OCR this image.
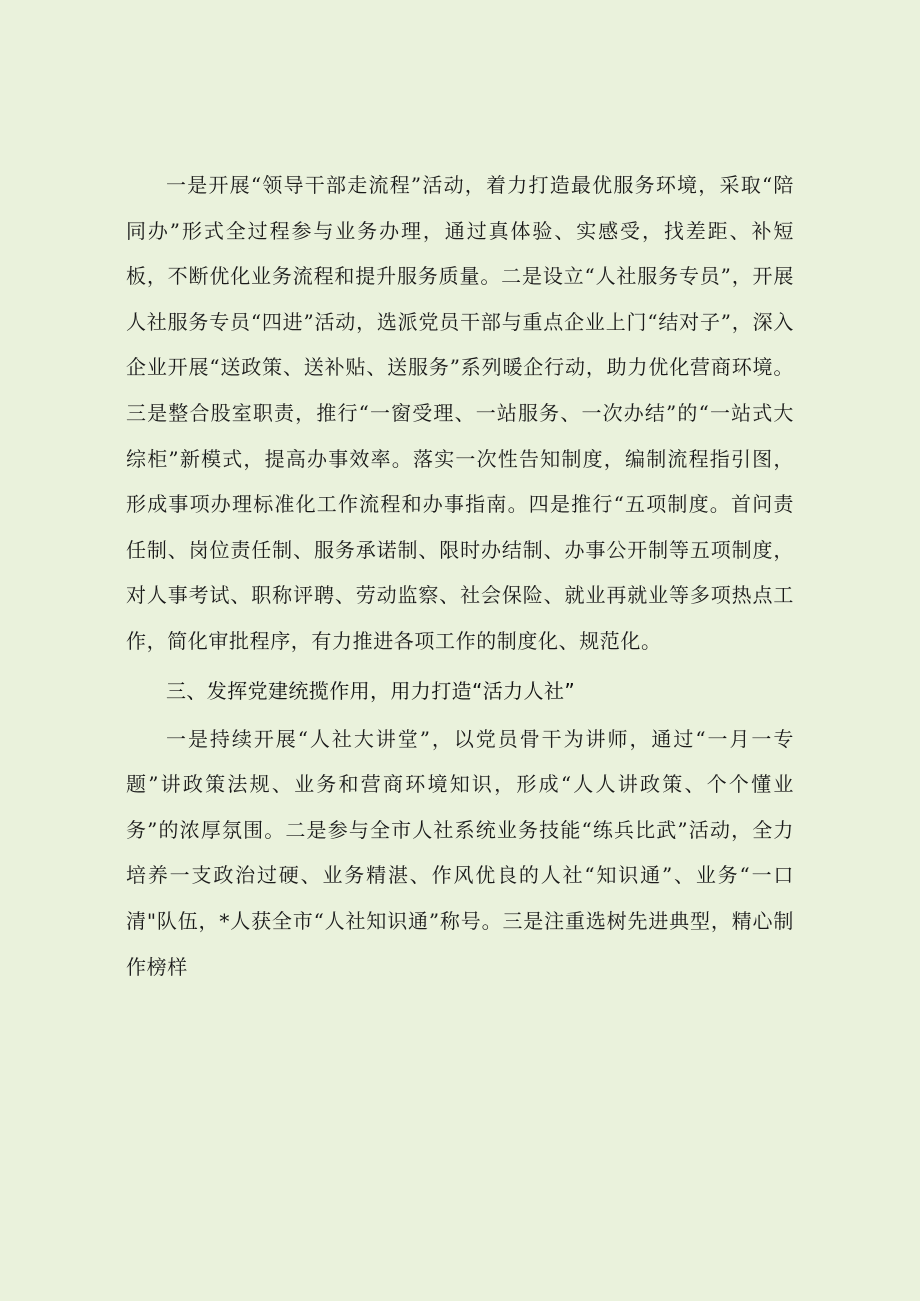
一是开展“领导干部走流程”活动，着力打造最优服务环境，采取“陪同办”形式全过程参与业务办理，通过真体验、实感受，找差距、补短板，不断优化业务流程和提升服务质量。二是设立“人社服务专员”，开展人社服务专员“四进”活动，选派党员干部与重点企业上门“结对子”，深入企业开展“送政策、送补贴、送服务”系列暖企行动，助力优化营商环境。三是整合股室职责，推行“一窗受理、一站服务、一次办结”的“一站式大综柜”新模式，提高办事效率。落实一次性告知制度，编制流程指引图，形成事项办理标准化工作流程和办事指南。四是推行“五项制度。首问责任制、岗位责任制、服务承诺制、限时办结制、办事公开制等五项制度，对人事考试、职称评聘、劳动监察、社会保险、就业再就业等多项热点工作，简化审批程序，有力推进各项工作的制度化、规范化。

三、发挥党建统揽作用，用力打造“活力人社”

一是持续开展“人社大讲堂”，以党员骨干为讲师，通过“一月一专题”讲政策法规、业务和营商环境知识，形成“人人讲政策、个个懂业务”的浓厚氛围。二是参与全市人社系统业务技能“练兵比武”活动，全力培养一支政治过硬、业务精湛、作风优良的人社“知识通”、业务“一口清"队伍，*人获全市“人社知识通”称号。三是注重选树先进典型，精心制作榜样
